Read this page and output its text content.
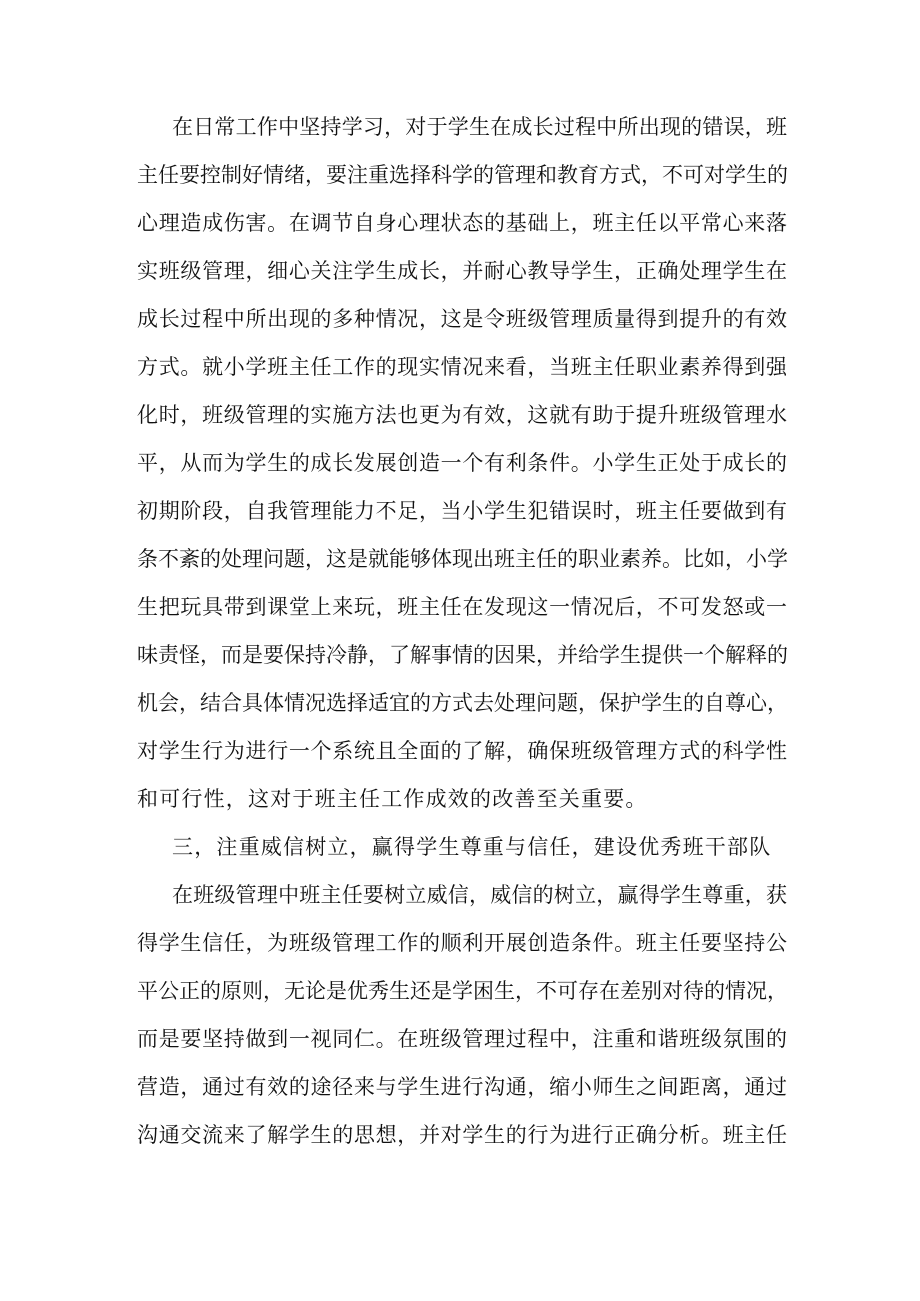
在日常工作中坚持学习，对于学生在成长过程中所出现的错误，班
主任要控制好情绪，要注重选择科学的管理和教育方式，不可对学生的
心理造成伤害。在调节自身心理状态的基础上，班主任以平常心来落
实班级管理，细心关注学生成长，并耐心教导学生，正确处理学生在
成长过程中所出现的多种情况，这是令班级管理质量得到提升的有效
方式。就小学班主任工作的现实情况来看，当班主任职业素养得到强
化时，班级管理的实施方法也更为有效，这就有助于提升班级管理水
平，从而为学生的成长发展创造一个有利条件。小学生正处于成长的
初期阶段，自我管理能力不足，当小学生犯错误时，班主任要做到有
条不紊的处理问题，这是就能够体现出班主任的职业素养。比如，小学
生把玩具带到课堂上来玩，班主任在发现这一情况后，不可发怒或一
味责怪，而是要保持冷静，了解事情的因果，并给学生提供一个解释的
机会，结合具体情况选择适宜的方式去处理问题，保护学生的自尊心，
对学生行为进行一个系统且全面的了解，确保班级管理方式的科学性
和可行性，这对于班主任工作成效的改善至关重要。
三，注重威信树立，赢得学生尊重与信任，建设优秀班干部队
在班级管理中班主任要树立威信，威信的树立，赢得学生尊重，获
得学生信任，为班级管理工作的顺利开展创造条件。班主任要坚持公
平公正的原则，无论是优秀生还是学困生，不可存在差别对待的情况，
而是要坚持做到一视同仁。在班级管理过程中，注重和谐班级氛围的
营造，通过有效的途径来与学生进行沟通，缩小师生之间距离，通过
沟通交流来了解学生的思想，并对学生的行为进行正确分析。班主任
